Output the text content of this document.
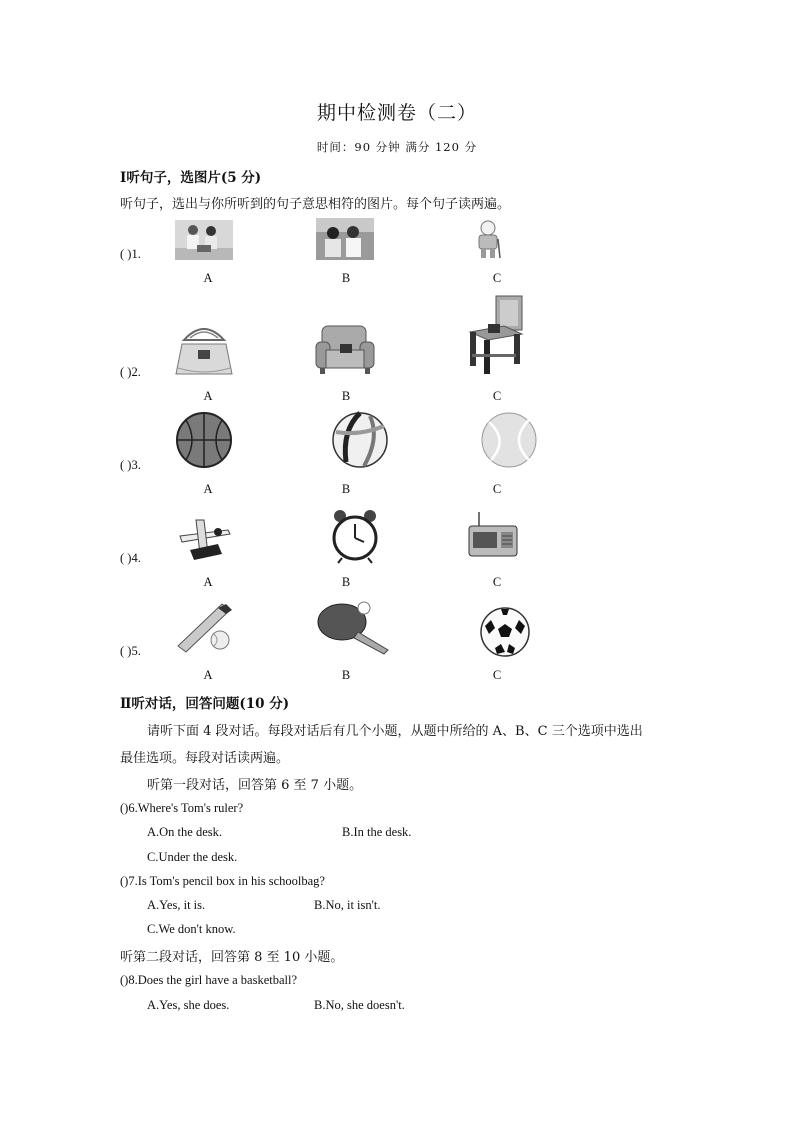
期中检测卷（二）
时间：90 分钟 满分 120 分
Ⅰ听句子，选图片(5 分)
听句子，选出与你所听到的句子意思相符的图片。每个句子读两遍。
( )1.
A	B	C
( )2.
A	B	C
( )3.
A	B	C
( )4.
A	B	C
( )5.
A	B	C
Ⅱ听对话，回答问题(10 分)
请听下面 4 段对话。每段对话后有几个小题，从题中所给的 A、B、C 三个选项中选出
最佳选项。每段对话读两遍。
听第一段对话，回答第 6 至 7 小题。
()6.Where's Tom's ruler?
A.On the desk.	B.In the desk.
C.Under the desk.
()7.Is Tom's pencil box in his schoolbag?
A.Yes, it is.	B.No, it isn't.
C.We don't know.
听第二段对话，回答第 8 至 10 小题。
()8.Does the girl have a basketball?
A.Yes, she does.	B.No, she doesn't.
